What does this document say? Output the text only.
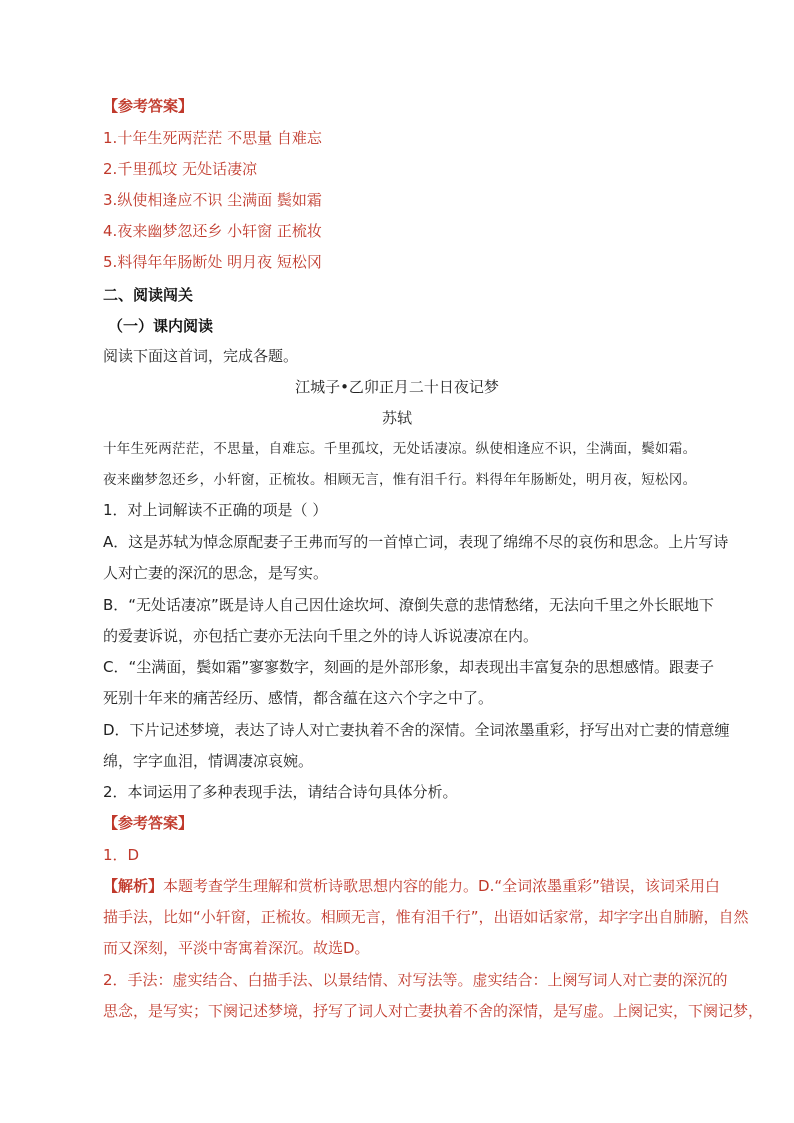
【参考答案】
1.十年生死两茫茫 不思量 自难忘
2.千里孤坟 无处话凄凉
3.纵使相逢应不识 尘满面 鬓如霜
4.夜来幽梦忽还乡 小轩窗 正梳妆
5.料得年年肠断处 明月夜 短松冈
二、阅读闯关
（一）课内阅读
阅读下面这首词，完成各题。
江城子•乙卯正月二十日夜记梦
苏轼
十年生死两茫茫，不思量，自难忘。千里孤坟，无处话凄凉。纵使相逢应不识，尘满面，鬓如霜。
夜来幽梦忽还乡，小轩窗，正梳妆。相顾无言，惟有泪千行。料得年年肠断处，明月夜，短松冈。
1．对上词解读不正确的项是（ ）
A．这是苏轼为悼念原配妻子王弗而写的一首悼亡词，表现了绵绵不尽的哀伤和思念。上片写诗
人对亡妻的深沉的思念，是写实。
B．“无处话凄凉”既是诗人自己因仕途坎坷、潦倒失意的悲情愁绪，无法向千里之外长眠地下
的爱妻诉说，亦包括亡妻亦无法向千里之外的诗人诉说凄凉在内。
C．“尘满面，鬓如霜”寥寥数字，刻画的是外部形象，却表现出丰富复杂的思想感情。跟妻子
死别十年来的痛苦经历、感情，都含蕴在这六个字之中了。
D．下片记述梦境，表达了诗人对亡妻执着不舍的深情。全词浓墨重彩，抒写出对亡妻的情意缠
绵，字字血泪，情调凄凉哀婉。
2．本词运用了多种表现手法，请结合诗句具体分析。
【参考答案】
1．D
【解析】本题考查学生理解和赏析诗歌思想内容的能力。D.“全词浓墨重彩”错误，该词采用白
描手法，比如“小轩窗，正梳妆。相顾无言，惟有泪千行”，出语如话家常，却字字出自肺腑，自然
而又深刻，平淡中寄寓着深沉。故选D。
2．手法：虚实结合、白描手法、以景结情、对写法等。虚实结合：上阕写词人对亡妻的深沉的
思念，是写实；下阕记述梦境，抒写了词人对亡妻执着不舍的深情，是写虚。上阕记实，下阕记梦，
